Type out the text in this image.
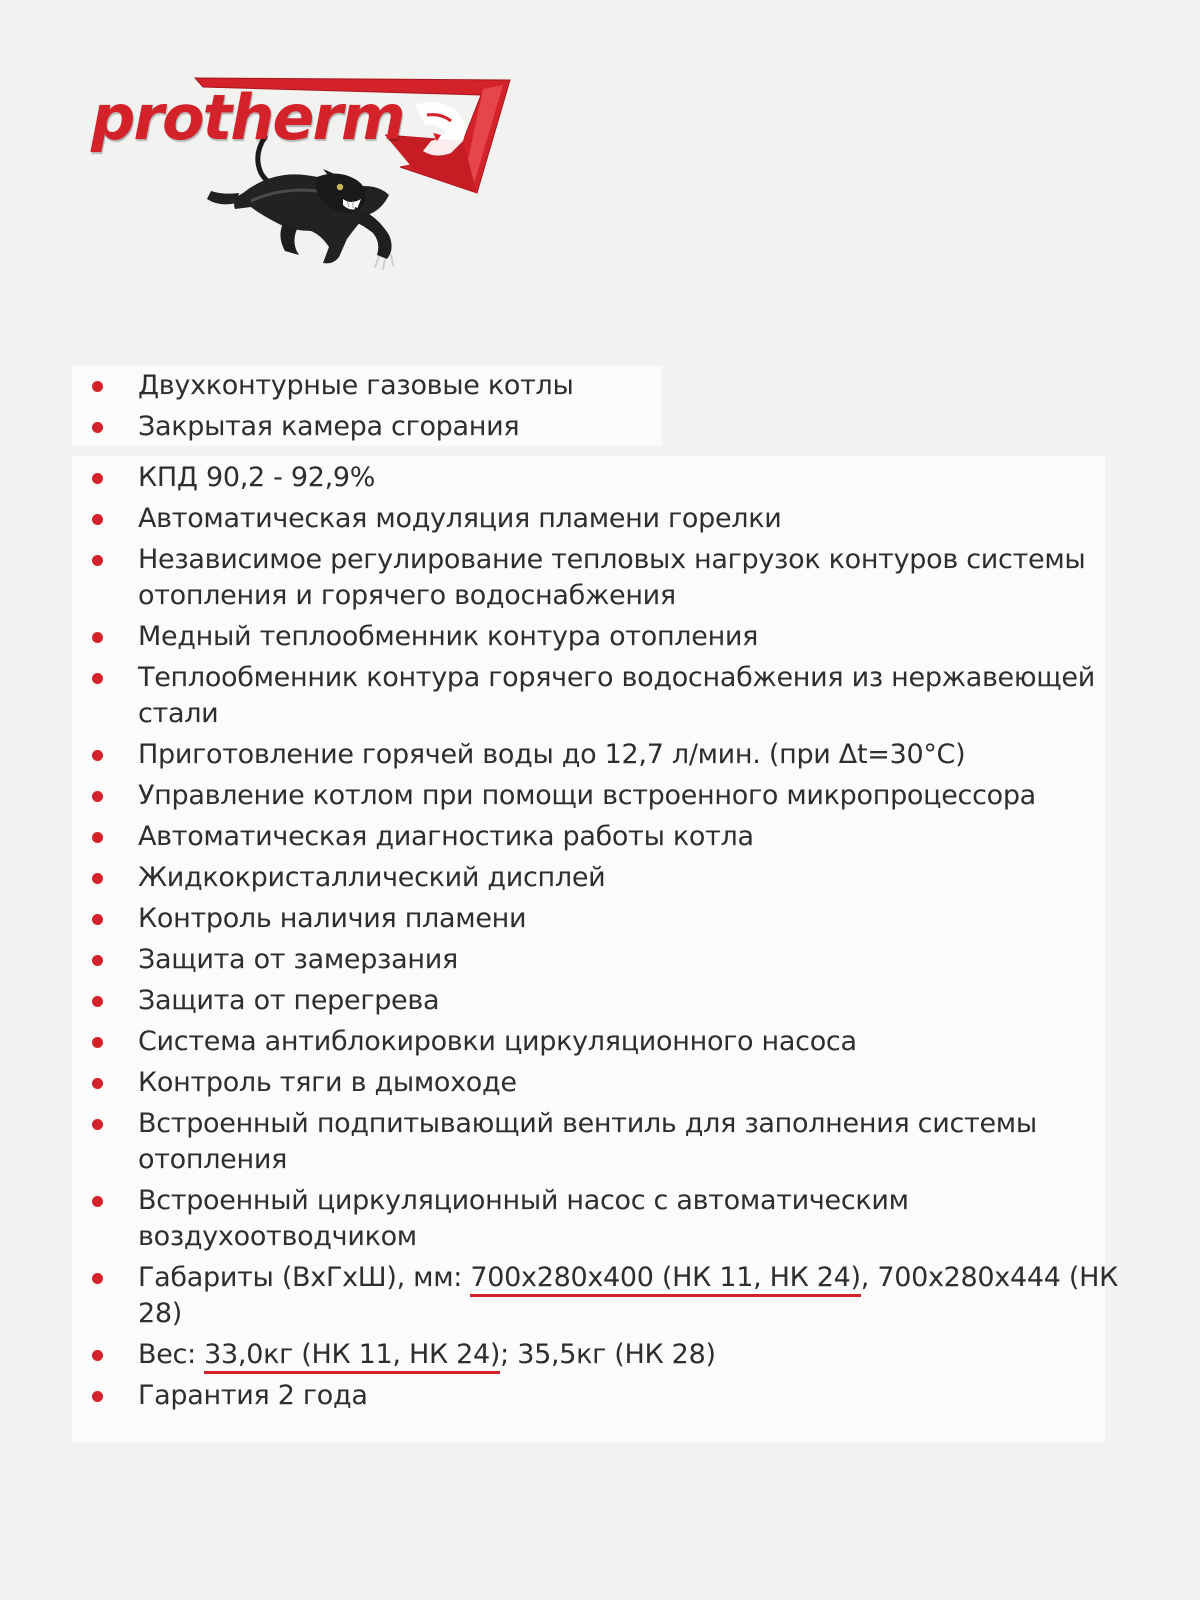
protherm

Двухконтурные газовые котлы
Закрытая камера сгорания
КПД 90,2 - 92,9%
Автоматическая модуляция пламени горелки
Независимое регулирование тепловых нагрузок контуров системы отопления и горячего водоснабжения
Медный теплообменник контура отопления
Теплообменник контура горячего водоснабжения из нержавеющей стали
Приготовление горячей воды до 12,7 л/мин. (при Δt=30°C)
Управление котлом при помощи встроенного микропроцессора
Автоматическая диагностика работы котла
Жидкокристаллический дисплей
Контроль наличия пламени
Защита от замерзания
Защита от перегрева
Система антиблокировки циркуляционного насоса
Контроль тяги в дымоходе
Встроенный подпитывающий вентиль для заполнения системы отопления
Встроенный циркуляционный насос с автоматическим воздухоотводчиком
Габариты (ВхГхШ), мм: 700x280x400 (НК 11, НК 24), 700x280x444 (НК 28)
Вес: 33,0кг (НК 11, НК 24); 35,5кг (НК 28)
Гарантия 2 года
